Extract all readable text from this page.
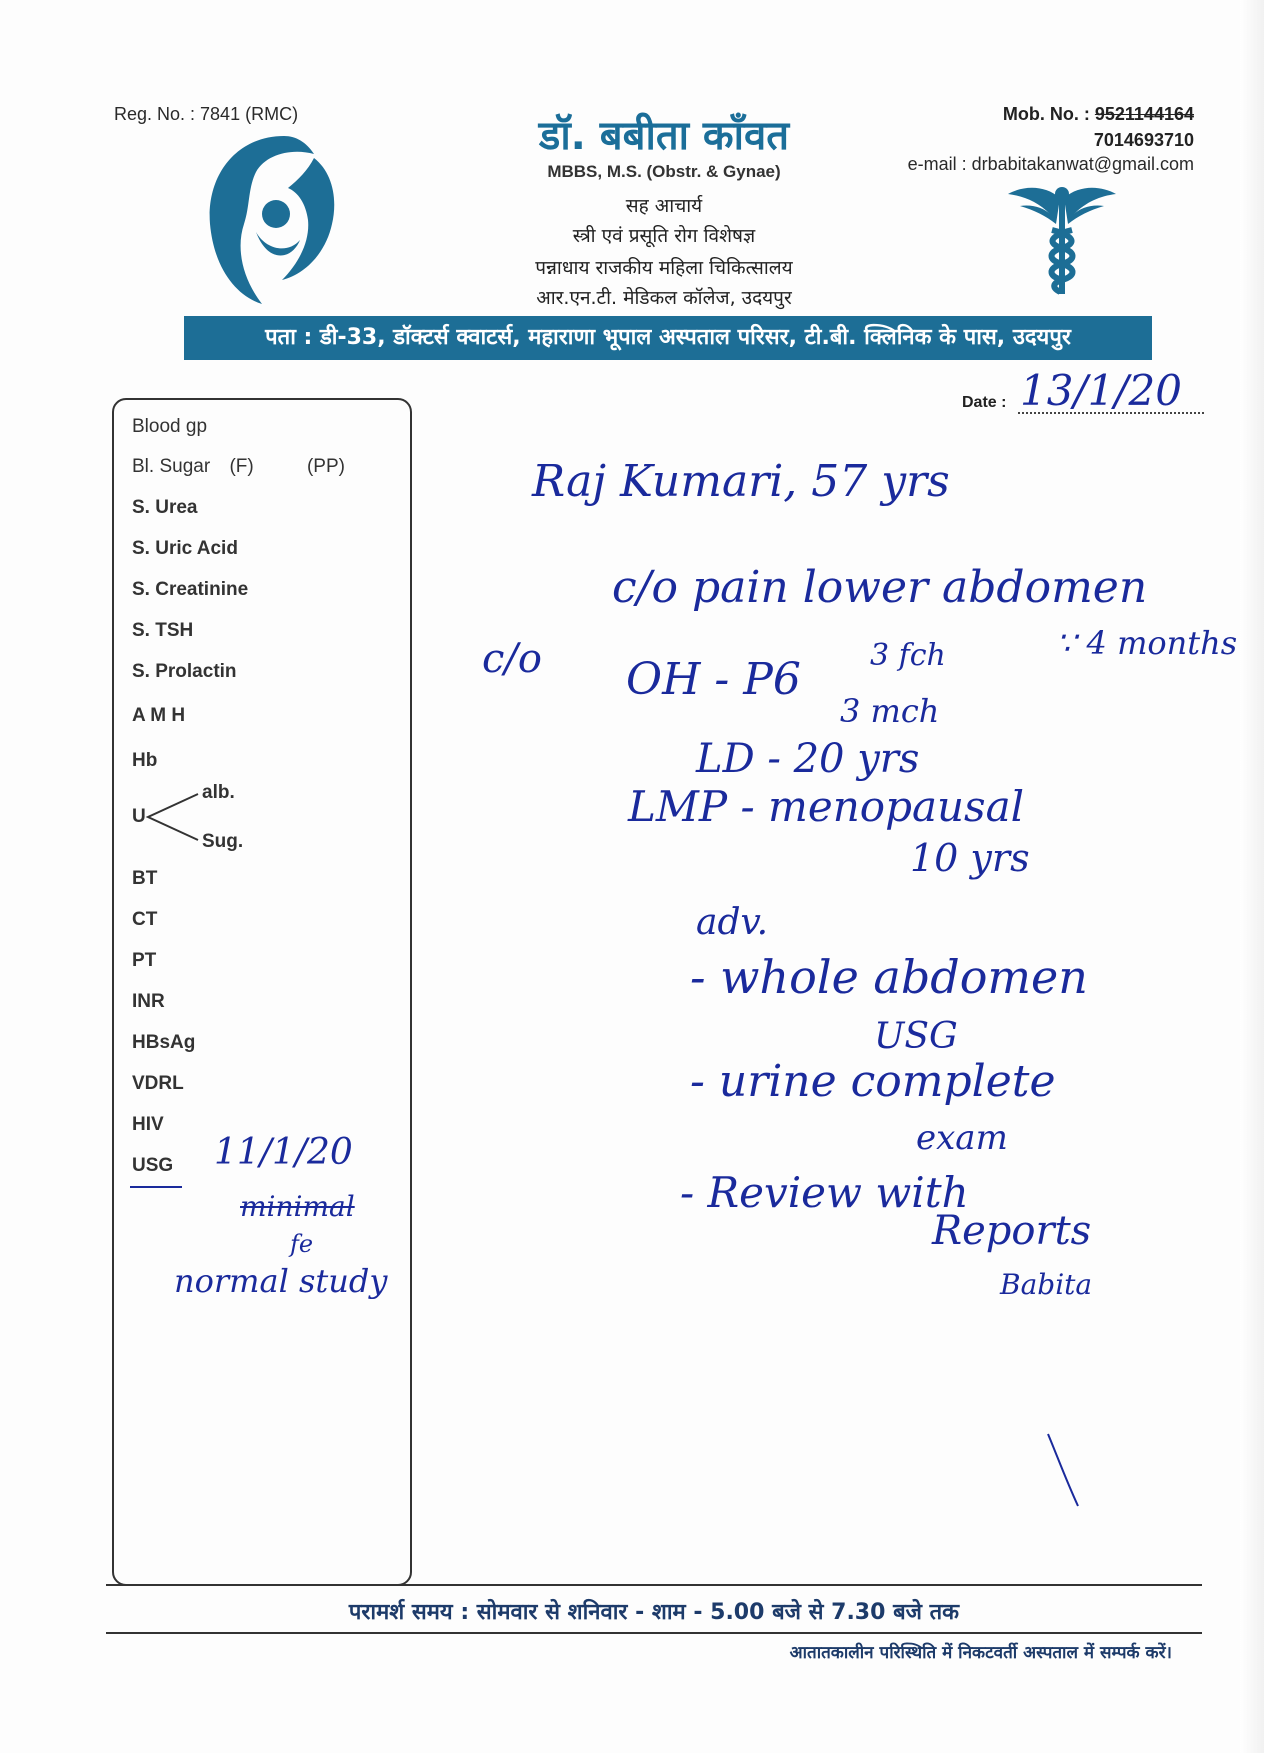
Reg. No. : 7841 (RMC)	डॉ. बबीता काँवत
MBBS, M.S. (Obstr. & Gynae)
सह आचार्य
स्त्री एवं प्रसूति रोग विशेषज्ञ
पन्नाधाय राजकीय महिला चिकित्सालय
आर.एन.टी. मेडिकल कॉलेज, उदयपुर
Mob. No. : 9521144164
7014693710
e-mail : drbabitakanwat@gmail.com
पता : डी-33, डॉक्टर्स क्वाटर्स, महाराणा भूपाल अस्पताल परिसर, टी.बी. क्लिनिक के पास, उदयपुर
Date : 13/1/20
Blood gp
Bl. Sugar (F)	(PP)
S. Urea
S. Uric Acid
S. Creatinine
S. TSH
S. Prolactin
A M H
Hb
U
alb.
Sug.
BT
CT
PT
INR
HBsAg
VDRL
HIV
USG 11/1/20
minimal
fe
normal study
Raj Kumari, 57 yrs
c/o
c/o pain lower abdomen
∵ 4 months
OH - P6 3 fch
3 mch
LD - 20 yrs
LMP - menopausal
10 yrs
adv.
- whole abdomen
USG
- urine complete
exam
- Review with
Reports
Babita
परामर्श समय : सोमवार से शनिवार - शाम - 5.00 बजे से 7.30 बजे तक
आतातकालीन परिस्थिति में निकटवर्ती अस्पताल में सम्पर्क करें।
